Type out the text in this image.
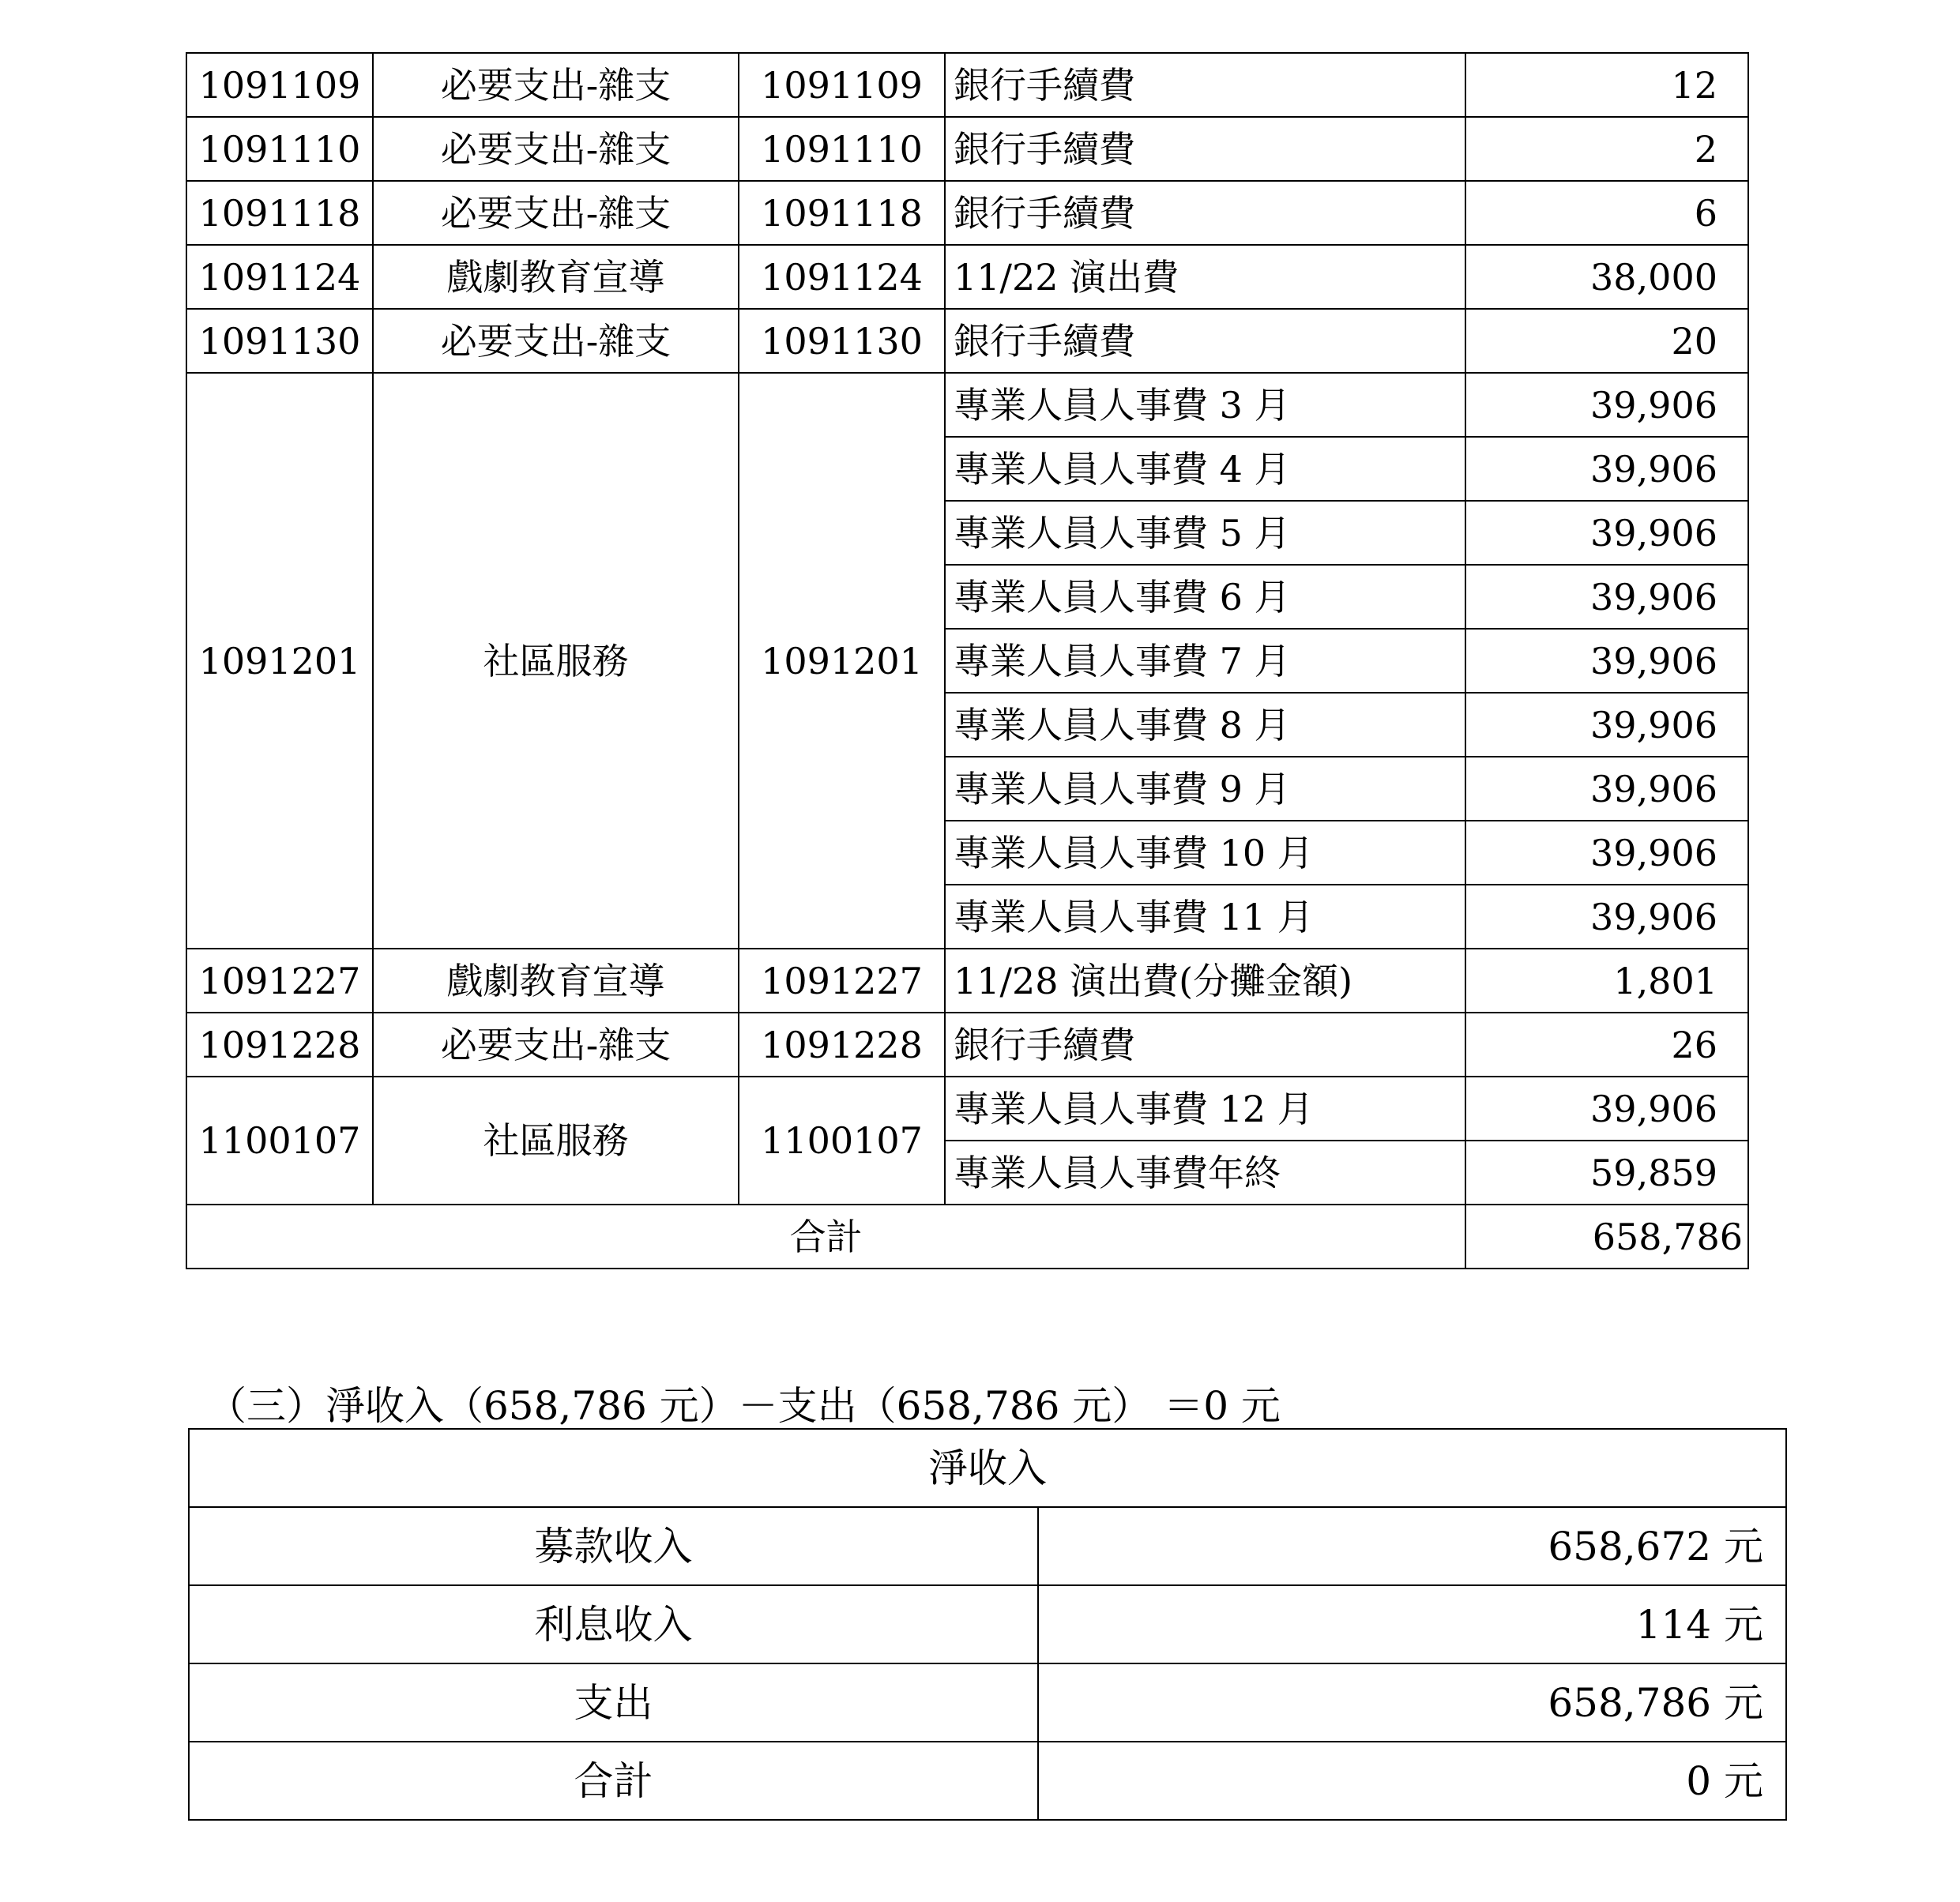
1091109	必要支出-雜支	1091109	銀行手續費	12
1091110	必要支出-雜支	1091110	銀行手續費	2
1091118	必要支出-雜支	1091118	銀行手續費	6
1091124	戲劇教育宣導	1091124	11/22 演出費	38,000
1091130	必要支出-雜支	1091130	銀行手續費	20
1091201	社區服務	1091201	專業人員人事費 3 月	39,906
			專業人員人事費 4 月	39,906
			專業人員人事費 5 月	39,906
			專業人員人事費 6 月	39,906
			專業人員人事費 7 月	39,906
			專業人員人事費 8 月	39,906
			專業人員人事費 9 月	39,906
			專業人員人事費 10 月	39,906
			專業人員人事費 11 月	39,906
1091227	戲劇教育宣導	1091227	11/28 演出費(分攤金額)	1,801
1091228	必要支出-雜支	1091228	銀行手續費	26
1100107	社區服務	1100107	專業人員人事費 12 月	39,906
			專業人員人事費年終	59,859
合計				658,786
（三）淨收入（658,786 元）－支出（658,786 元） ＝0 元
淨收入	
募款收入	658,672 元
利息收入	114 元
支出	658,786 元
合計	0 元
